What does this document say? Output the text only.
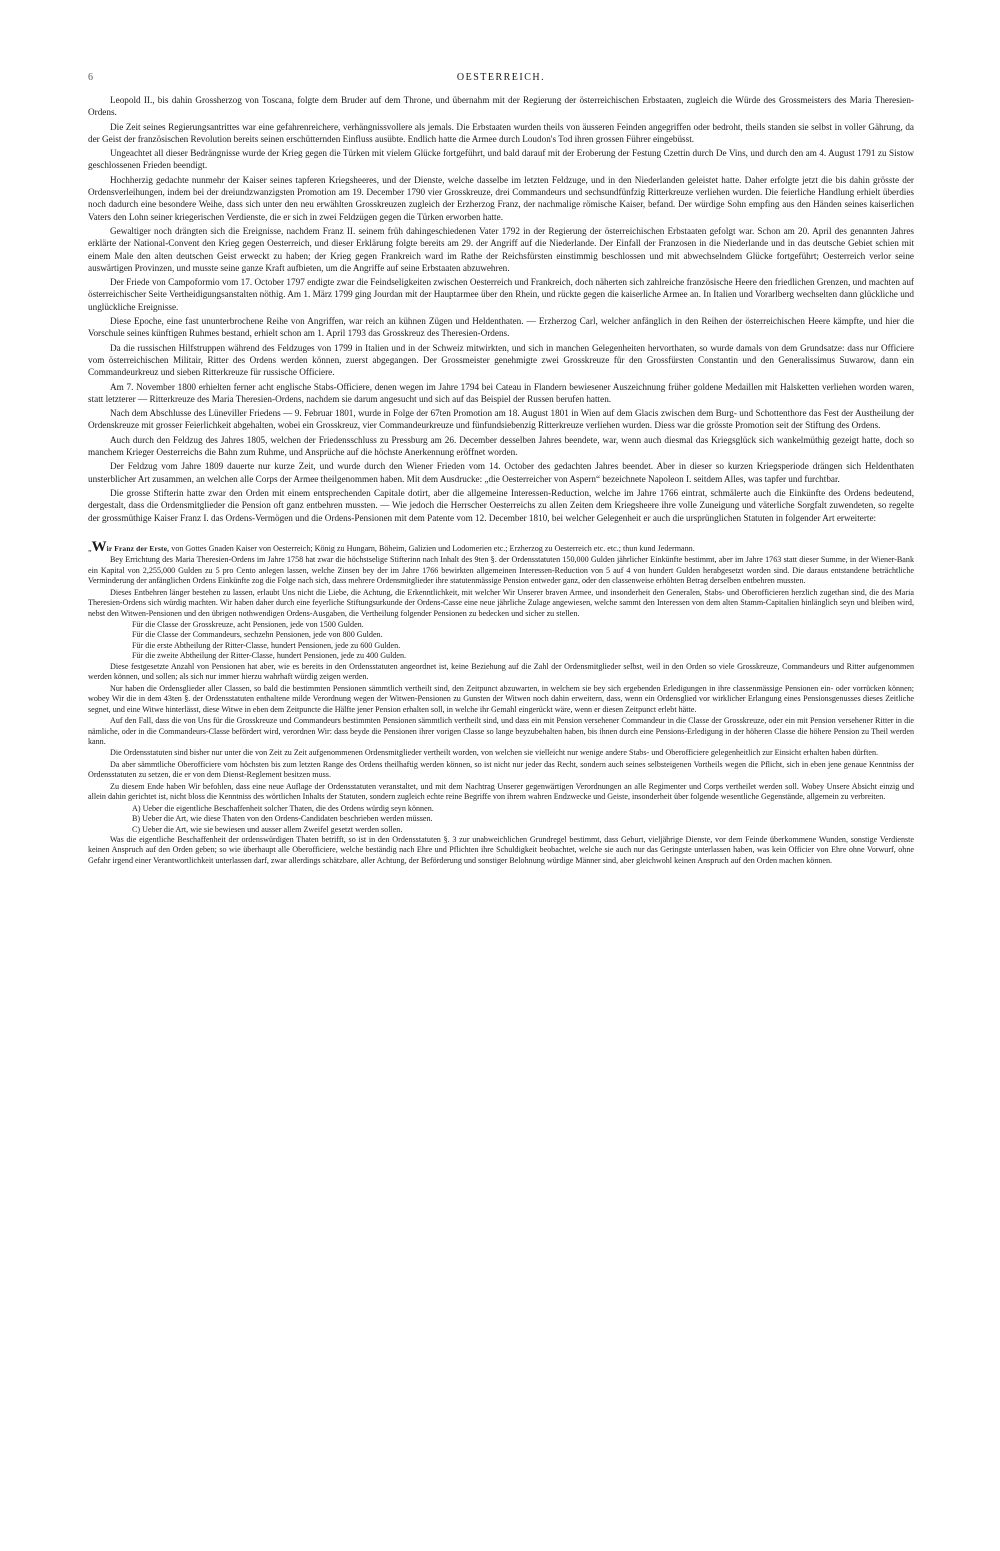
6	OESTERREICH.

Leopold II., bis dahin Grossherzog von Toscana, folgte dem Bruder auf dem Throne, und übernahm mit der Regierung der österreichischen Erbstaaten, zugleich die Würde des Grossmeisters des Maria Theresien-Ordens.

Die Zeit seines Regierungsantrittes war eine gefahrenreichere, verhängnissvollere als jemals. Die Erbstaaten wurden theils von äusseren Feinden angegriffen oder bedroht, theils standen sie selbst in voller Gährung, da der Geist der französischen Revolution bereits seinen erschütternden Einfluss ausübte. Endlich hatte die Armee durch Loudon's Tod ihren grossen Führer eingebüsst.

Ungeachtet all dieser Bedrängnisse wurde der Krieg gegen die Türken mit vielem Glücke fortgeführt, und bald darauf mit der Eroberung der Festung Czettin durch De Vins, und durch den am 4. August 1791 zu Sistow geschlossenen Frieden beendigt.

Hochherzig gedachte nunmehr der Kaiser seines tapferen Kriegsheeres, und der Dienste, welche dasselbe im letzten Feldzuge, und in den Niederlanden geleistet hatte. Daher erfolgte jetzt die bis dahin grösste der Ordensverleihungen, indem bei der dreiundzwanzigsten Promotion am 19. December 1790 vier Grosskreuze, drei Commandeurs und sechsundfünfzig Ritterkreuze verliehen wurden. Die feierliche Handlung erhielt überdies noch dadurch eine besondere Weihe, dass sich unter den neu erwählten Grosskreuzen zugleich der Erzherzog Franz, der nachmalige römische Kaiser, befand. Der würdige Sohn empfing aus den Händen seines kaiserlichen Vaters den Lohn seiner kriegerischen Verdienste, die er sich in zwei Feldzügen gegen die Türken erworben hatte.

Gewaltiger noch drängten sich die Ereignisse, nachdem Franz II. seinem früh dahingeschiedenen Vater 1792 in der Regierung der österreichischen Erbstaaten gefolgt war. Schon am 20. April des genannten Jahres erklärte der National-Convent den Krieg gegen Oesterreich, und dieser Erklärung folgte bereits am 29. der Angriff auf die Niederlande. Der Einfall der Franzosen in die Niederlande und in das deutsche Gebiet schien mit einem Male den alten deutschen Geist erweckt zu haben; der Krieg gegen Frankreich ward im Rathe der Reichsfürsten einstimmig beschlossen und mit abwechselndem Glücke fortgeführt; Oesterreich verlor seine auswärtigen Provinzen, und musste seine ganze Kraft aufbieten, um die Angriffe auf seine Erbstaaten abzuwehren.

Der Friede von Campoformio vom 17. October 1797 endigte zwar die Feindseligkeiten zwischen Oesterreich und Frankreich, doch näherten sich zahlreiche französische Heere den friedlichen Grenzen, und machten auf österreichischer Seite Vertheidigungsanstalten nöthig. Am 1. März 1799 ging Jourdan mit der Hauptarmee über den Rhein, und rückte gegen die kaiserliche Armee an. In Italien und Vorarlberg wechselten dann glückliche und unglückliche Ereignisse.

Diese Epoche, eine fast ununterbrochene Reihe von Angriffen, war reich an kühnen Zügen und Heldenthaten. — Erzherzog Carl, welcher anfänglich in den Reihen der österreichischen Heere kämpfte, und hier die Vorschule seines künftigen Ruhmes bestand, erhielt schon am 1. April 1793 das Grosskreuz des Theresien-Ordens.

Da die russischen Hilfstruppen während des Feldzuges von 1799 in Italien und in der Schweiz mitwirkten, und sich in manchen Gelegenheiten hervorthaten, so wurde damals von dem Grundsatze: dass nur Officiere vom österreichischen Militair, Ritter des Ordens werden können, zuerst abgegangen. Der Grossmeister genehmigte zwei Grosskreuze für den Grossfürsten Constantin und den Generalissimus Suwarow, dann ein Commandeurkreuz und sieben Ritterkreuze für russische Officiere.

Am 7. November 1800 erhielten ferner acht englische Stabs-Officiere, denen wegen im Jahre 1794 bei Cateau in Flandern bewiesener Auszeichnung früher goldene Medaillen mit Halsketten verliehen worden waren, statt letzterer — Ritterkreuze des Maria Theresien-Ordens, nachdem sie darum angesucht und sich auf das Beispiel der Russen berufen hatten.

Nach dem Abschlusse des Lüneviller Friedens — 9. Februar 1801, wurde in Folge der 67ten Promotion am 18. August 1801 in Wien auf dem Glacis zwischen dem Burg- und Schottenthore das Fest der Austheilung der Ordenskreuze mit grosser Feierlichkeit abgehalten, wobei ein Grosskreuz, vier Commandeurkreuze und fünfundsiebenzig Ritterkreuze verliehen wurden. Diess war die grösste Promotion seit der Stiftung des Ordens.

Auch durch den Feldzug des Jahres 1805, welchen der Friedensschluss zu Pressburg am 26. December desselben Jahres beendete, war, wenn auch diesmal das Kriegsglück sich wankelmüthig gezeigt hatte, doch so manchem Krieger Oesterreichs die Bahn zum Ruhme, und Ansprüche auf die höchste Anerkennung eröffnet worden.

Der Feldzug vom Jahre 1809 dauerte nur kurze Zeit, und wurde durch den Wiener Frieden vom 14. October des gedachten Jahres beendet. Aber in dieser so kurzen Kriegsperiode drängen sich Heldenthaten unsterblicher Art zusammen, an welchen alle Corps der Armee theilgenommen haben. Mit dem Ausdrucke: „die Oesterreicher von Aspern“ bezeichnete Napoleon I. seitdem Alles, was tapfer und furchtbar.

Die grosse Stifterin hatte zwar den Orden mit einem entsprechenden Capitale dotirt, aber die allgemeine Interessen-Reduction, welche im Jahre 1766 eintrat, schmälerte auch die Einkünfte des Ordens bedeutend, dergestalt, dass die Ordensmitglieder die Pension oft ganz entbehren mussten. — Wie jedoch die Herrscher Oesterreichs zu allen Zeiten dem Kriegsheere ihre volle Zuneigung und väterliche Sorgfalt zuwendeten, so regelte der grossmüthige Kaiser Franz I. das Ordens-Vermögen und die Ordens-Pensionen mit dem Patente vom 12. December 1810, bei welcher Gelegenheit er auch die ursprünglichen Statuten in folgender Art erweiterte:

„Wir Franz der Erste, von Gottes Gnaden Kaiser von Oesterreich; König zu Hungarn, Böheim, Galizien und Lodomerien etc.; Erzherzog zu Oesterreich etc. etc.; thun kund Jedermann.

Bey Errichtung des Maria Theresien-Ordens im Jahre 1758 hat zwar die höchstselige Stifterinn nach Inhalt des 9ten §. der Ordensstatuten 150,000 Gulden jährlicher Einkünfte bestimmt, aber im Jahre 1763 statt dieser Summe, in der Wiener-Bank ein Kapital von 2,255,000 Gulden zu 5 pro Cento anlegen lassen, welche Zinsen bey der im Jahre 1766 bewirkten allgemeinen Interessen-Reduction von 5 auf 4 von hundert Gulden herabgesetzt worden sind. Die daraus entstandene beträchtliche Verminderung der anfänglichen Ordens Einkünfte zog die Folge nach sich, dass mehrere Ordensmitglieder ihre statutenmässige Pension entweder ganz, oder den classenweise erhöhten Betrag derselben entbehren mussten.

Dieses Entbehren länger bestehen zu lassen, erlaubt Uns nicht die Liebe, die Achtung, die Erkenntlichkeit, mit welcher Wir Unserer braven Armee, und insonderheit den Generalen, Stabs- und Oberofficieren herzlich zugethan sind, die des Maria Theresien-Ordens sich würdig machten. Wir haben daher durch eine feyerliche Stiftungsurkunde der Ordens-Casse eine neue jährliche Zulage angewiesen, welche sammt den Interessen von dem alten Stamm-Capitalien hinlänglich seyn und bleiben wird, nebst den Witwen-Pensionen und den übrigen nothwendigen Ordens-Ausgaben, die Vertheilung folgender Pensionen zu bedecken und sicher zu stellen.

Für die Classe der Grosskreuze, acht Pensionen, jede von 1500 Gulden.

Für die Classe der Commandeurs, sechzehn Pensionen, jede von 800 Gulden.

Für die erste Abtheilung der Ritter-Classe, hundert Pensionen, jede zu 600 Gulden.

Für die zweite Abtheilung der Ritter-Classe, hundert Pensionen, jede zu 400 Gulden.

Diese festgesetzte Anzahl von Pensionen hat aber, wie es bereits in den Ordensstatuten angeordnet ist, keine Beziehung auf die Zahl der Ordensmitglieder selbst, weil in den Orden so viele Grosskreuze, Commandeurs und Ritter aufgenommen werden können, und sollen; als sich nur immer hierzu wahrhaft würdig zeigen werden.

Nur haben die Ordensglieder aller Classen, so bald die bestimmten Pensionen sämmtlich vertheilt sind, den Zeitpunct abzuwarten, in welchem sie bey sich ergebenden Erledigungen in ihre classenmässige Pensionen ein- oder vorrücken können; wobey Wir die in dem 43ten §. der Ordensstatuten enthaltene milde Verordnung wegen der Witwen-Pensionen zu Gunsten der Witwen noch dahin erweitern, dass, wenn ein Ordensglied vor wirklicher Erlangung eines Pensionsgenusses dieses Zeitliche segnet, und eine Witwe hinterlässt, diese Witwe in eben dem Zeitpuncte die Hälfte jener Pension erhalten soll, in welche ihr Gemahl eingerückt wäre, wenn er diesen Zeitpunct erlebt hätte.

Auf den Fall, dass die von Uns für die Grosskreuze und Commandeurs bestimmten Pensionen sämmtlich vertheilt sind, und dass ein mit Pension versehener Commandeur in die Classe der Grosskreuze, oder ein mit Pension versehener Ritter in die nämliche, oder in die Commandeurs-Classe befördert wird, verordnen Wir: dass beyde die Pensionen ihrer vorigen Classe so lange beyzubehalten haben, bis ihnen durch eine Pensions-Erledigung in der höheren Classe die höhere Pension zu Theil werden kann.

Die Ordensstatuten sind bisher nur unter die von Zeit zu Zeit aufgenommenen Ordensmitglieder vertheilt worden, von welchen sie vielleicht nur wenige andere Stabs- und Oberofficiere gelegenheitlich zur Einsicht erhalten haben dürften.

Da aber sämmtliche Oberofficiere vom höchsten bis zum letzten Range des Ordens theilhaftig werden können, so ist nicht nur jeder das Recht, sondern auch seines selbsteigenen Vortheils wegen die Pflicht, sich in eben jene genaue Kenntniss der Ordensstatuten zu setzen, die er von dem Dienst-Reglement besitzen muss.

Zu diesem Ende haben Wir befohlen, dass eine neue Auflage der Ordensstatuten veranstaltet, und mit dem Nachtrag Unserer gegenwärtigen Verordnungen an alle Regimenter und Corps vertheilet werden soll. Wobey Unsere Absicht einzig und allein dahin gerichtet ist, nicht bloss die Kenntniss des wörtlichen Inhalts der Statuten, sondern zugleich echte reine Begriffe von ihrem wahren Endzwecke und Geiste, insonderheit über folgende wesentliche Gegenstände, allgemein zu verbreiten.

A) Ueber die eigentliche Beschaffenheit solcher Thaten, die des Ordens würdig seyn können.

B) Ueber die Art, wie diese Thaten von den Ordens-Candidaten beschrieben werden müssen.

C) Ueber die Art, wie sie bewiesen und ausser allem Zweifel gesetzt werden sollen.

Was die eigentliche Beschaffenheit der ordenswürdigen Thaten betrifft, so ist in den Ordensstatuten §. 3 zur unabweichlichen Grundregel bestimmt, dass Geburt, vieljährige Dienste, vor dem Feinde überkommene Wunden, sonstige Verdienste keinen Anspruch auf den Orden geben; so wie überhaupt alle Oberofficiere, welche beständig nach Ehre und Pflichten ihre Schuldigkeit beobachtet, welche sie auch nur das Geringste unterlassen haben, was kein Officier von Ehre ohne Vorwurf, ohne Gefahr irgend einer Verantwortlichkeit unterlassen darf, zwar allerdings schätzbare, aller Achtung, der Beförderung und sonstiger Belohnung würdige Männer sind, aber gleichwohl keinen Anspruch auf den Orden machen können.
